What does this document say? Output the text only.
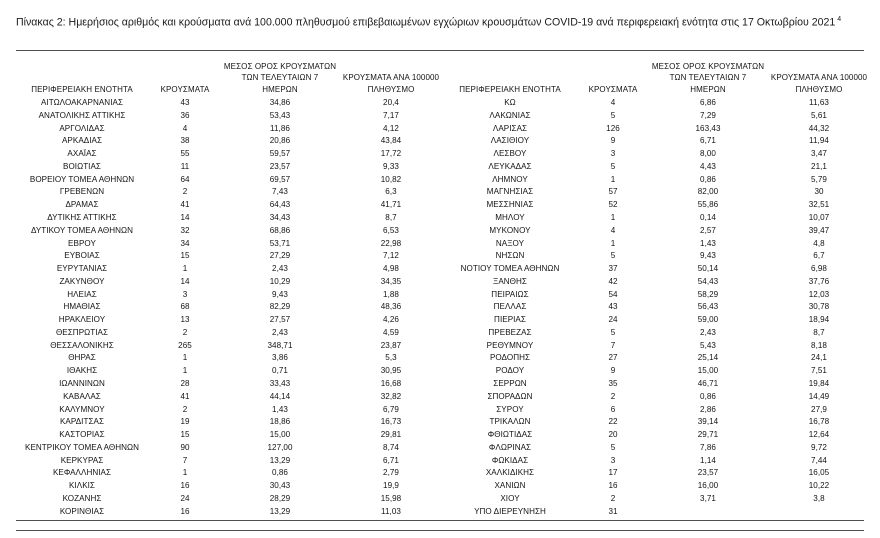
Πίνακας 2: Ημερήσιος αριθμός και κρούσματα ανά 100.000 πληθυσμού επιβεβαιωμένων εγχώριων κρουσμάτων COVID-19 ανά περιφερειακή ενότητα στις 17 Οκτωβρίου 2021 $^4$
ΠΕΡΙΦΕΡΕΙΑΚΗ ΕΝΟΤΗΤΑ	ΚΡΟΥΣΜΑΤΑ	ΜΕΣΟΣ ΟΡΟΣ ΚΡΟΥΣΜΑΤΩΝ
ΤΩΝ ΤΕΛΕΥΤΑΙΩΝ 7
ΗΜΕΡΩΝ	ΚΡΟΥΣΜΑΤΑ ΑΝΑ 100000
ΠΛΗΘΥΣΜΟ	ΠΕΡΙΦΕΡΕΙΑΚΗ ΕΝΟΤΗΤΑ	ΚΡΟΥΣΜΑΤΑ	ΜΕΣΟΣ ΟΡΟΣ ΚΡΟΥΣΜΑΤΩΝ
ΤΩΝ ΤΕΛΕΥΤΑΙΩΝ 7
ΗΜΕΡΩΝ	ΚΡΟΥΣΜΑΤΑ ΑΝΑ 100000
ΠΛΗΘΥΣΜΟ

ΑΙΤΩΛΟΑΚΑΡΝΑΝΙΑΣ	43	34,86	20,4	ΚΩ	4	6,86	11,63
ΑΝΑΤΟΛΙΚΗΣ ΑΤΤΙΚΗΣ	36	53,43	7,17	ΛΑΚΩΝΙΑΣ	5	7,29	5,61
ΑΡΓΟΛΙΔΑΣ	4	11,86	4,12	ΛΑΡΙΣΑΣ	126	163,43	44,32
ΑΡΚΑΔΙΑΣ	38	20,86	43,84	ΛΑΣΙΘΙΟΥ	9	6,71	11,94
ΑΧΑΪΑΣ	55	59,57	17,72	ΛΕΣΒΟΥ	3	8,00	3,47
ΒΟΙΩΤΙΑΣ	11	23,57	9,33	ΛΕΥΚΑΔΑΣ	5	4,43	21,1
ΒΟΡΕΙΟΥ ΤΟΜΕΑ ΑΘΗΝΩΝ	64	69,57	10,82	ΛΗΜΝΟΥ	1	0,86	5,79
ΓΡΕΒΕΝΩΝ	2	7,43	6,3	ΜΑΓΝΗΣΙΑΣ	57	82,00	30
ΔΡΑΜΑΣ	41	64,43	41,71	ΜΕΣΣΗΝΙΑΣ	52	55,86	32,51
ΔΥΤΙΚΗΣ ΑΤΤΙΚΗΣ	14	34,43	8,7	ΜΗΛΟΥ	1	0,14	10,07
ΔΥΤΙΚΟΥ ΤΟΜΕΑ ΑΘΗΝΩΝ	32	68,86	6,53	ΜΥΚΟΝΟΥ	4	2,57	39,47
ΕΒΡΟΥ	34	53,71	22,98	ΝΑΞΟΥ	1	1,43	4,8
ΕΥΒΟΙΑΣ	15	27,29	7,12	ΝΗΣΩΝ	5	9,43	6,7
ΕΥΡΥΤΑΝΙΑΣ	1	2,43	4,98	ΝΟΤΙΟΥ ΤΟΜΕΑ ΑΘΗΝΩΝ	37	50,14	6,98
ΖΑΚΥΝΘΟΥ	14	10,29	34,35	ΞΑΝΘΗΣ	42	54,43	37,76
ΗΛΕΙΑΣ	3	9,43	1,88	ΠΕΙΡΑΙΩΣ	54	58,29	12,03
ΗΜΑΘΙΑΣ	68	82,29	48,36	ΠΕΛΛΑΣ	43	56,43	30,78
ΗΡΑΚΛΕΙΟΥ	13	27,57	4,26	ΠΙΕΡΙΑΣ	24	59,00	18,94
ΘΕΣΠΡΩΤΙΑΣ	2	2,43	4,59	ΠΡΕΒΕΖΑΣ	5	2,43	8,7
ΘΕΣΣΑΛΟΝΙΚΗΣ	265	348,71	23,87	ΡΕΘΥΜΝΟΥ	7	5,43	8,18
ΘΗΡΑΣ	1	3,86	5,3	ΡΟΔΟΠΗΣ	27	25,14	24,1
ΙΘΑΚΗΣ	1	0,71	30,95	ΡΟΔΟΥ	9	15,00	7,51
ΙΩΑΝΝΙΝΩΝ	28	33,43	16,68	ΣΕΡΡΩΝ	35	46,71	19,84
ΚΑΒΑΛΑΣ	41	44,14	32,82	ΣΠΟΡΑΔΩΝ	2	0,86	14,49
ΚΑΛΥΜΝΟΥ	2	1,43	6,79	ΣΥΡΟΥ	6	2,86	27,9
ΚΑΡΔΙΤΣΑΣ	19	18,86	16,73	ΤΡΙΚΑΛΩΝ	22	39,14	16,78
ΚΑΣΤΟΡΙΑΣ	15	15,00	29,81	ΦΘΙΩΤΙΔΑΣ	20	29,71	12,64
ΚΕΝΤΡΙΚΟΥ ΤΟΜΕΑ ΑΘΗΝΩΝ	90	127,00	8,74	ΦΛΩΡΙΝΑΣ	5	7,86	9,72
ΚΕΡΚΥΡΑΣ	7	13,29	6,71	ΦΩΚΙΔΑΣ	3	1,14	7,44
ΚΕΦΑΛΛΗΝΙΑΣ	1	0,86	2,79	ΧΑΛΚΙΔΙΚΗΣ	17	23,57	16,05
ΚΙΛΚΙΣ	16	30,43	19,9	ΧΑΝΙΩΝ	16	16,00	10,22
ΚΟΖΑΝΗΣ	24	28,29	15,98	ΧΙΟΥ	2	3,71	3,8
ΚΟΡΙΝΘΙΑΣ	16	13,29	11,03	ΥΠΟ ΔΙΕΡΕΥΝΗΣΗ	31		
